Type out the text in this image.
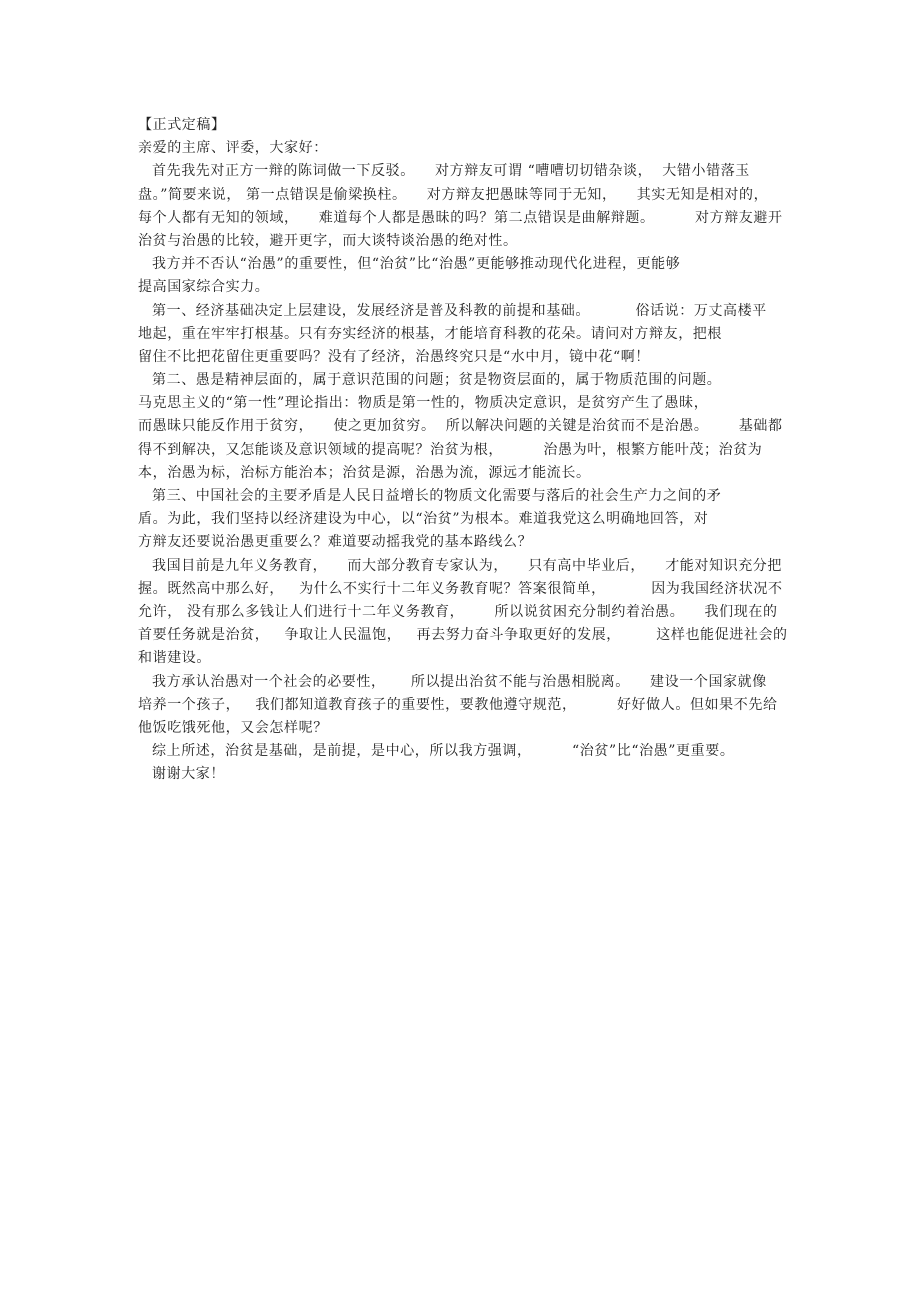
【正式定稿】
亲爱的主席、评委，大家好：
首先我先对正方一辩的陈词做一下反驳。    对方辩友可谓 “嘈嘈切切错杂谈，  大错小错落玉
盘。”简要来说， 第一点错误是偷梁换柱。    对方辩友把愚昧等同于无知，    其实无知是相对的，
每个人都有无知的领域，    难道每个人都是愚昧的吗？第二点错误是曲解辩题。        对方辩友避开
治贫与治愚的比较，避开更字，而大谈特谈治愚的绝对性。
我方并不否认“治愚”的重要性，但“治贫”比“治愚”更能够推动现代化进程，更能够
提高国家综合实力。
第一、经济基础决定上层建设，发展经济是普及科教的前提和基础。         俗话说：万丈高楼平
地起，重在牢牢打根基。只有夯实经济的根基，才能培育科教的花朵。请问对方辩友，把根
留住不比把花留住更重要吗？没有了经济，治愚终究只是“水中月，镜中花“啊！
第二、愚是精神层面的，属于意识范围的问题；贫是物资层面的，属于物质范围的问题。
马克思主义的“第一性”理论指出：物质是第一性的，物质决定意识，是贫穷产生了愚昧，
而愚昧只能反作用于贫穷，    使之更加贫穷。  所以解决问题的关键是治贫而不是治愚。      基础都
得不到解决，又怎能谈及意识领域的提高呢？治贫为根，        治愚为叶，根繁方能叶茂；治贫为
本，治愚为标，治标方能治本；治贫是源，治愚为流，源远才能流长。
第三、中国社会的主要矛盾是人民日益增长的物质文化需要与落后的社会生产力之间的矛
盾。为此，我们坚持以经济建设为中心，以“治贫”为根本。难道我党这么明确地回答，对
方辩友还要说治愚更重要么？难道要动摇我党的基本路线么？
我国目前是九年义务教育，    而大部分教育专家认为，    只有高中毕业后，    才能对知识充分把
握。既然高中那么好，   为什么不实行十二年义务教育呢？答案很简单，         因为我国经济状况不
允许， 没有那么多钱让人们进行十二年义务教育，      所以说贫困充分制约着治愚。    我们现在的
首要任务就是治贫，   争取让人民温饱，   再去努力奋斗争取更好的发展，       这样也能促进社会的
和谐建设。
我方承认治愚对一个社会的必要性，     所以提出治贫不能与治愚相脱离。    建设一个国家就像
培养一个孩子，   我们都知道教育孩子的重要性，要教他遵守规范，        好好做人。但如果不先给
他饭吃饿死他，又会怎样呢？
综上所述，治贫是基础，是前提，是中心，所以我方强调，        “治贫”比“治愚”更重要。
谢谢大家！
